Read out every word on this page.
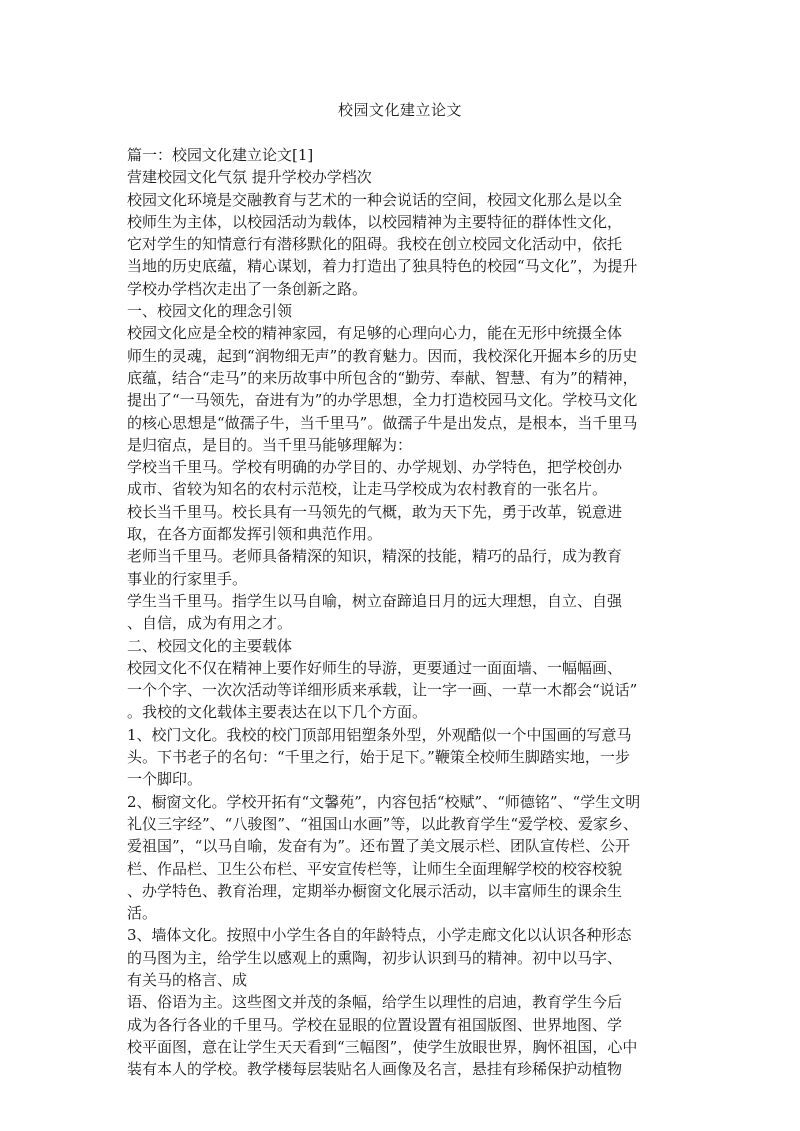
校园文化建立论文
篇一：校园文化建立论文[1]
营建校园文化气氛 提升学校办学档次
校园文化环境是交融教育与艺术的一种会说话的空间，校园文化那么是以全
校师生为主体，以校园活动为载体，以校园精神为主要特征的群体性文化，
它对学生的知情意行有潜移默化的阻碍。我校在创立校园文化活动中，依托
当地的历史底蕴，精心谋划，着力打造出了独具特色的校园“马文化”，为提升
学校办学档次走出了一条创新之路。
一、校园文化的理念引领
校园文化应是全校的精神家园，有足够的心理向心力，能在无形中统摄全体
师生的灵魂，起到“润物细无声”的教育魅力。因而，我校深化开掘本乡的历史
底蕴，结合“走马”的来历故事中所包含的“勤劳、奉献、智慧、有为”的精神，
提出了“一马领先，奋进有为”的办学思想，全力打造校园马文化。学校马文化
的核心思想是“做孺子牛，当千里马”。做孺子牛是出发点，是根本，当千里马
是归宿点，是目的。当千里马能够理解为：
学校当千里马。学校有明确的办学目的、办学规划、办学特色，把学校创办
成市、省较为知名的农村示范校，让走马学校成为农村教育的一张名片。
校长当千里马。校长具有一马领先的气概，敢为天下先，勇于改革，锐意进
取，在各方面都发挥引领和典范作用。
老师当千里马。老师具备精深的知识，精深的技能，精巧的品行，成为教育
事业的行家里手。
学生当千里马。指学生以马自喻，树立奋蹄追日月的远大理想，自立、自强
、自信，成为有用之才。
二、校园文化的主要载体
校园文化不仅在精神上要作好师生的导游，更要通过一面面墙、一幅幅画、
一个个字、一次次活动等详细形质来承载，让一字一画、一草一木都会“说话”
。我校的文化载体主要表达在以下几个方面。
1、校门文化。我校的校门顶部用铝塑条外型，外观酷似一个中国画的写意马
头。下书老子的名句：“千里之行，始于足下。”鞭策全校师生脚踏实地，一步
一个脚印。
2、橱窗文化。学校开拓有“文馨苑”，内容包括“校赋”、“师德铭”、“学生文明
礼仪三字经”、“八骏图”、“祖国山水画”等，以此教育学生“爱学校、爱家乡、
爱祖国”，“以马自喻，发奋有为”。还布置了美文展示栏、团队宣传栏、公开
栏、作品栏、卫生公布栏、平安宣传栏等，让师生全面理解学校的校容校貌
、办学特色、教育治理，定期举办橱窗文化展示活动，以丰富师生的课余生
活。
3、墙体文化。按照中小学生各自的年龄特点，小学走廊文化以认识各种形态
的马图为主，给学生以感观上的熏陶，初步认识到马的精神。初中以马字、
有关马的格言、成
语、俗语为主。这些图文并茂的条幅，给学生以理性的启迪，教育学生今后
成为各行各业的千里马。学校在显眼的位置设置有祖国版图、世界地图、学
校平面图，意在让学生天天看到“三幅图”，使学生放眼世界，胸怀祖国，心中
装有本人的学校。教学楼每层装贴名人画像及名言，悬挂有珍稀保护动植物
